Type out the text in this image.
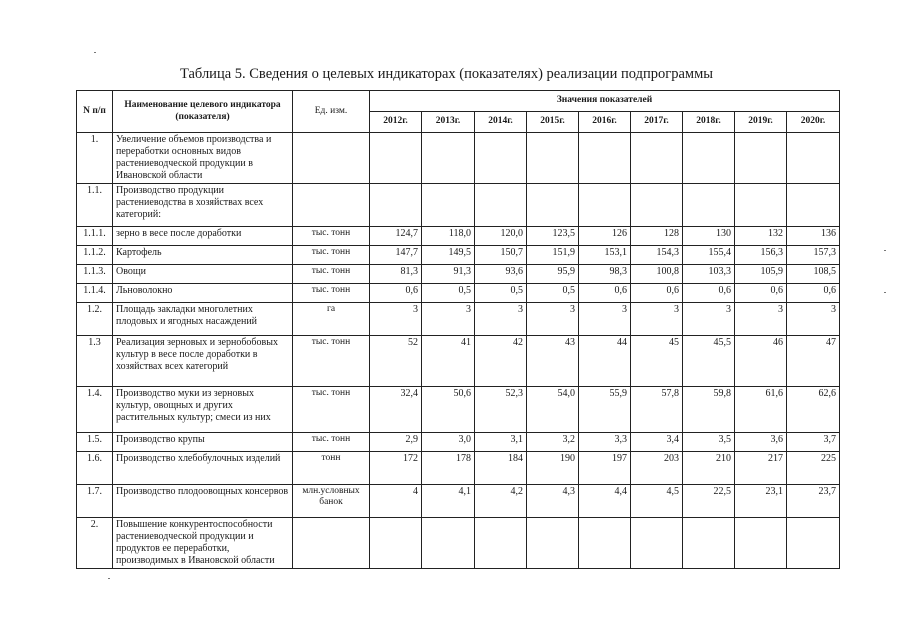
Таблица 5. Сведения о целевых индикаторах (показателях) реализации подпрограммы
N п/п	Наименование целевого индикатора (показателя)	Ед. изм.	Значения показателей								
			2012г.	2013г.	2014г.	2015г.	2016г.	2017г.	2018г.	2019г.	2020г.
1.	Увеличение объемов производства и переработки основных видов растениеводческой продукции в Ивановской области										
1.1.	Производство продукции растениеводства в хозяйствах всех категорий:										
1.1.1.	зерно в весе после доработки	тыс. тонн	124,7	118,0	120,0	123,5	126	128	130	132	136
1.1.2.	Картофель	тыс. тонн	147,7	149,5	150,7	151,9	153,1	154,3	155,4	156,3	157,3
1.1.3.	Овощи	тыс. тонн	81,3	91,3	93,6	95,9	98,3	100,8	103,3	105,9	108,5
1.1.4.	Льноволокно	тыс. тонн	0,6	0,5	0,5	0,5	0,6	0,6	0,6	0,6	0,6
1.2.	Площадь закладки многолетних плодовых и ягодных насаждений	га	3	3	3	3	3	3	3	3	3
1.3	Реализация зерновых и зернобобовых культур в весе после доработки в хозяйствах всех категорий	тыс. тонн	52	41	42	43	44	45	45,5	46	47
1.4.	Производство муки из зерновых культур, овощных и других растительных культур; смеси из них	тыс. тонн	32,4	50,6	52,3	54,0	55,9	57,8	59,8	61,6	62,6
1.5.	Производство крупы	тыс. тонн	2,9	3,0	3,1	3,2	3,3	3,4	3,5	3,6	3,7
1.6.	Производство хлебобулочных изделий	тонн	172	178	184	190	197	203	210	217	225
1.7.	Производство плодоовощных консервов	млн.условных банок	4	4,1	4,2	4,3	4,4	4,5	22,5	23,1	23,7
2.	Повышение конкурентоспособности растениеводческой продукции и продуктов ее переработки, производимых в Ивановской области										
